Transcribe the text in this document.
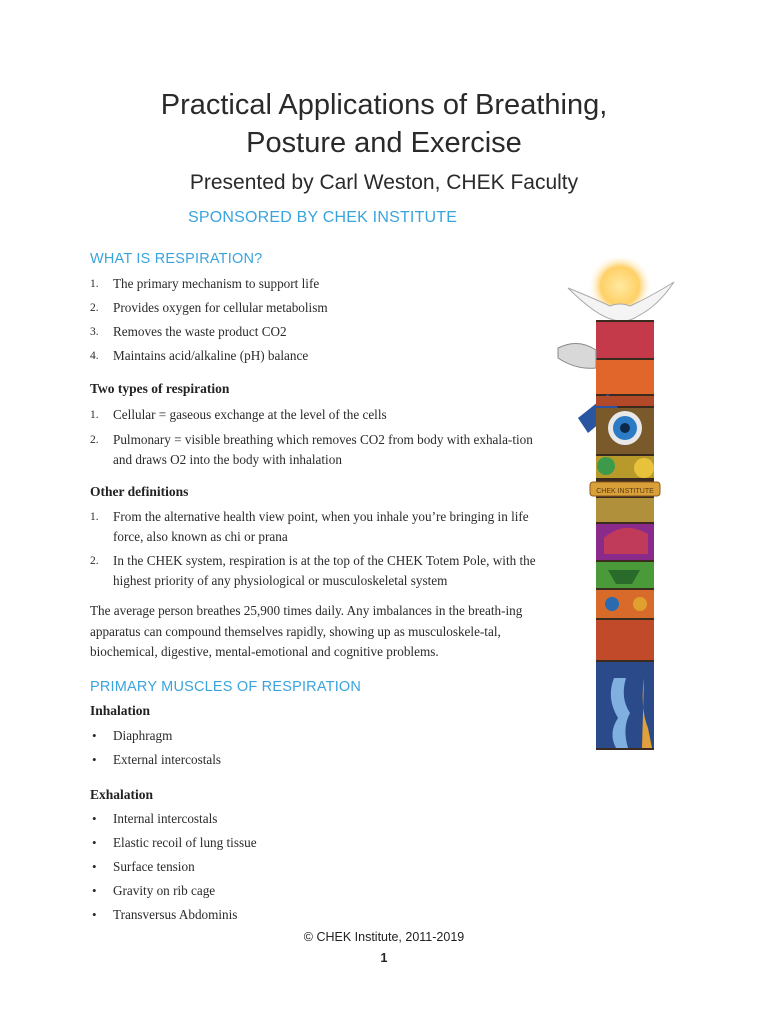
Practical Applications of Breathing,
Posture and Exercise
Presented by Carl Weston, CHEK Faculty
SPONSORED BY CHEK INSTITUTE
WHAT IS RESPIRATION?
1. The primary mechanism to support life
2. Provides oxygen for cellular metabolism
3. Removes the waste product CO2
4. Maintains acid/alkaline (pH) balance
Two types of respiration
1. Cellular = gaseous exchange at the level of the cells
2. Pulmonary = visible breathing which removes CO2 from body with exhala-tion and draws O2 into the body with inhalation
Other definitions
1. From the alternative health view point, when you inhale you’re bringing in life force, also known as chi or prana
2. In the CHEK system, respiration is at the top of the CHEK Totem Pole, with the highest priority of any physiological or musculoskeletal system

The average person breathes 25,900 times daily. Any imbalances in the breath-ing apparatus can compound themselves rapidly, showing up as musculoskele-tal, biochemical, digestive, mental-emotional and cognitive problems.

PRIMARY MUSCLES OF RESPIRATION
Inhalation
• Diaphragm
• External intercostals
Exhalation
• Internal intercostals
• Elastic recoil of lung tissue
• Surface tension
• Gravity on rib cage
• Transversus Abdominis
CHEK INSTITUTE
© CHEK Institute, 2011-2019
1
